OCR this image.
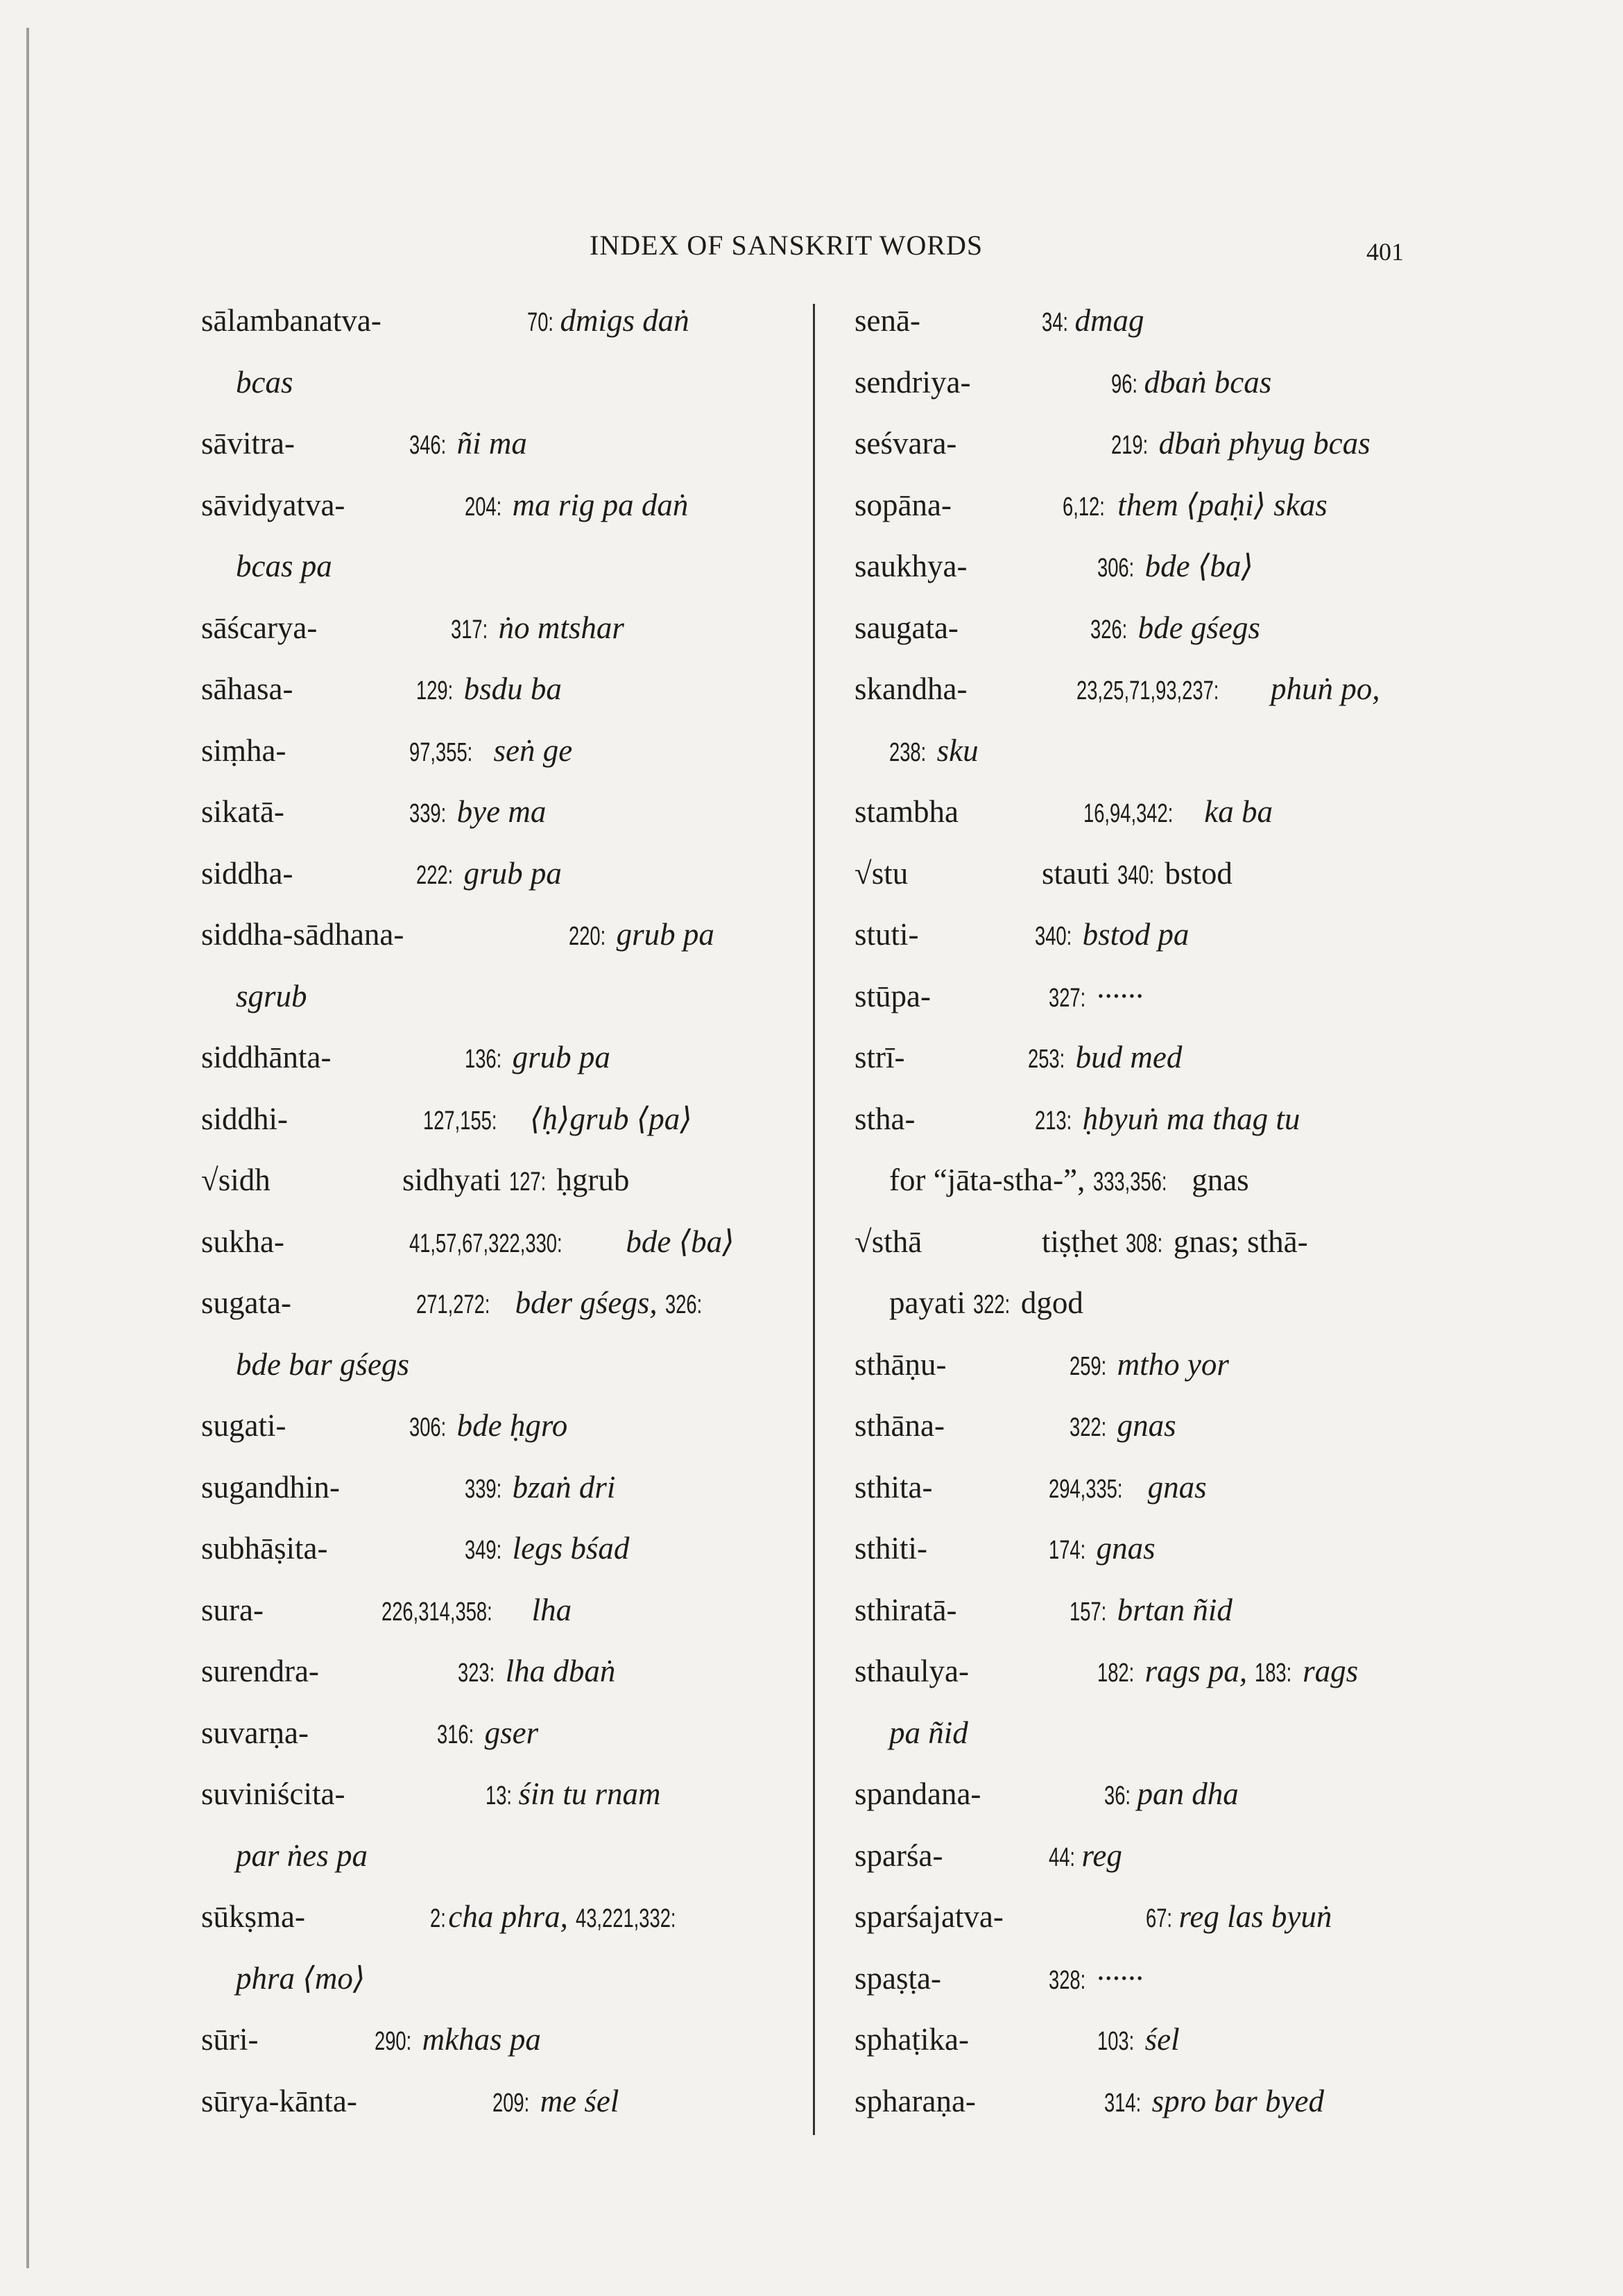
INDEX OF SANSKRIT WORDS	401
sālambanatva-	70: dmigs daṅ
bcas
sāvitra-	346: ñi ma
sāvidyatva-	204: ma rig pa daṅ
bcas pa
sāścarya-	317: ṅo mtshar
sāhasa-	129: bsdu ba
siṃha-	97,355: seṅ ge
sikatā-	339: bye ma
siddha-	222: grub pa
siddha-sādhana-	220: grub pa
sgrub
siddhānta-	136: grub pa
siddhi-	127,155: ⟨ḥ⟩grub ⟨pa⟩
√sidh	sidhyati 127: ḥgrub
sukha-	41,57,67,322,330: bde ⟨ba⟩
sugata-	271,272: bder gśegs, 326:
bde bar gśegs
sugati-	306: bde ḥgro
sugandhin-	339: bzaṅ dri
subhāṣita-	349: legs bśad
sura-	226,314,358: lha
surendra-	323: lha dbaṅ
suvarṇa-	316: gser
suviniścita-	13: śin tu rnam
par ṅes pa
sūkṣma-	2:cha phra, 43,221,332:
phra ⟨mo⟩
sūri-	290: mkhas pa
sūrya-kānta-	209: me śel
senā-	34: dmag
sendriya-	96: dbaṅ bcas
seśvara-	219: dbaṅ phyug bcas
sopāna-	6,12: them ⟨paḥi⟩ skas
saukhya-	306: bde ⟨ba⟩
saugata-	326: bde gśegs
skandha-	23,25,71,93,237: phuṅ po,
238: sku
stambha	16,94,342: ka ba
√stu	stauti 340: bstod
stuti-	340: bstod pa
stūpa-	327: ······
strī-	253: bud med
stha-	213: ḥbyuṅ ma thag tu
for “jāta-stha-”, 333,356: gnas
√sthā	tiṣṭhet 308: gnas; sthā-
payati 322: dgod
sthāṇu-	259: mtho yor
sthāna-	322: gnas
sthita-	294,335: gnas
sthiti-	174: gnas
sthiratā-	157: brtan ñid
sthaulya-	182: rags pa, 183: rags
pa ñid
spandana-	36: pan dha
sparśa-	44: reg
sparśajatva-	67: reg las byuṅ
spaṣṭa-	328: ······
sphaṭika-	103: śel
spharaṇa-	314: spro bar byed
